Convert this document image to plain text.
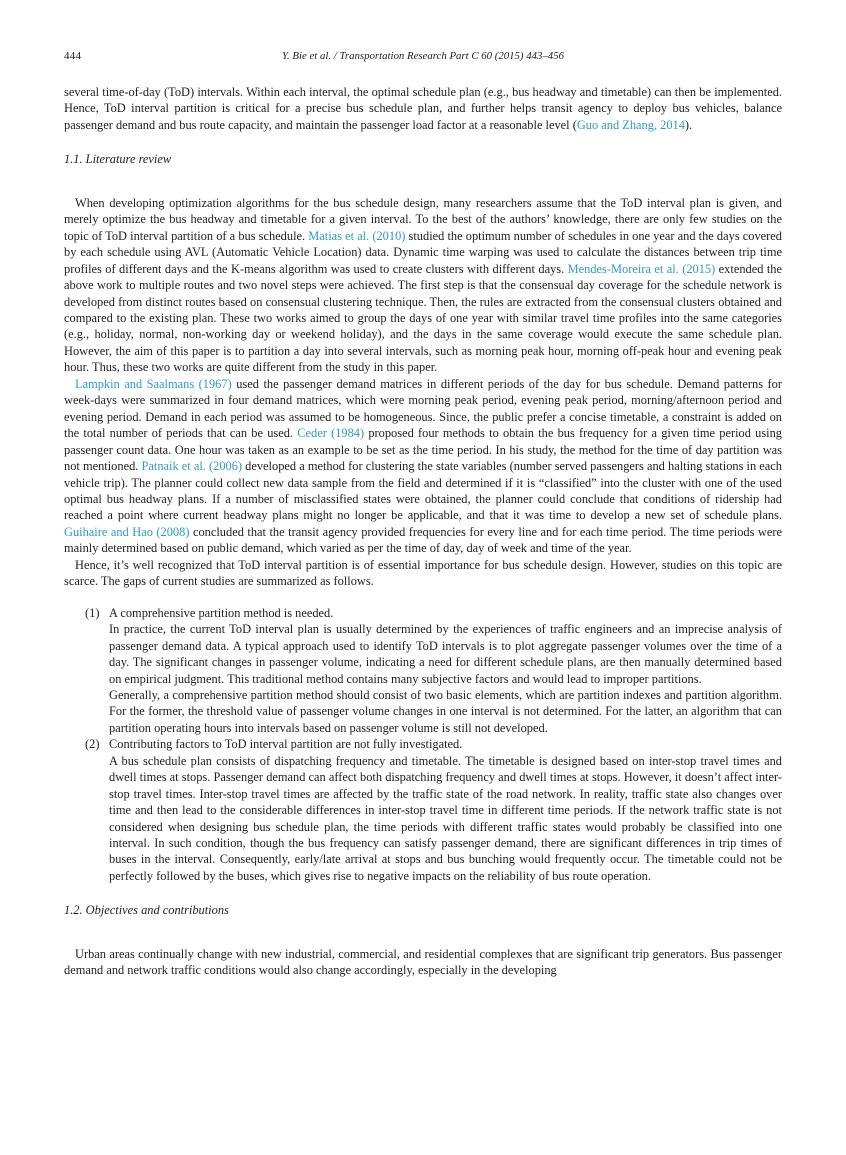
444	Y. Bie et al. / Transportation Research Part C 60 (2015) 443–456

several time-of-day (ToD) intervals. Within each interval, the optimal schedule plan (e.g., bus headway and timetable) can then be implemented. Hence, ToD interval partition is critical for a precise bus schedule plan, and further helps transit agency to deploy bus vehicles, balance passenger demand and bus route capacity, and maintain the passenger load factor at a reasonable level (Guo and Zhang, 2014).

1.1. Literature review

When developing optimization algorithms for the bus schedule design, many researchers assume that the ToD interval plan is given, and merely optimize the bus headway and timetable for a given interval. To the best of the authors’ knowledge, there are only few studies on the topic of ToD interval partition of a bus schedule. Matias et al. (2010) studied the optimum number of schedules in one year and the days covered by each schedule using AVL (Automatic Vehicle Location) data. Dynamic time warping was used to calculate the distances between trip time profiles of different days and the K-means algorithm was used to create clusters with different days. Mendes-Moreira et al. (2015) extended the above work to multiple routes and two novel steps were achieved. The first step is that the consensual day coverage for the schedule network is developed from distinct routes based on consensual clustering technique. Then, the rules are extracted from the consensual clusters obtained and compared to the existing plan. These two works aimed to group the days of one year with similar travel time profiles into the same categories (e.g., holiday, normal, non-working day or weekend holiday), and the days in the same coverage would execute the same schedule plan. However, the aim of this paper is to partition a day into several intervals, such as morning peak hour, morning off-peak hour and evening peak hour. Thus, these two works are quite different from the study in this paper.

Lampkin and Saalmans (1967) used the passenger demand matrices in different periods of the day for bus schedule. Demand patterns for week-days were summarized in four demand matrices, which were morning peak period, evening peak period, morning/afternoon period and evening period. Demand in each period was assumed to be homogeneous. Since, the public prefer a concise timetable, a constraint is added on the total number of periods that can be used. Ceder (1984) proposed four methods to obtain the bus frequency for a given time period using passenger count data. One hour was taken as an example to be set as the time period. In his study, the method for the time of day partition was not mentioned. Patnaik et al. (2006) developed a method for clustering the state variables (number served passengers and halting stations in each vehicle trip). The planner could collect new data sample from the field and determined if it is “classified” into the cluster with one of the used optimal bus headway plans. If a number of misclassified states were obtained, the planner could conclude that conditions of ridership had reached a point where current headway plans might no longer be applicable, and that it was time to develop a new set of schedule plans. Guihaire and Hao (2008) concluded that the transit agency provided frequencies for every line and for each time period. The time periods were mainly determined based on public demand, which varied as per the time of day, day of week and time of the year.

Hence, it’s well recognized that ToD interval partition is of essential importance for bus schedule design. However, studies on this topic are scarce. The gaps of current studies are summarized as follows.

(1) A comprehensive partition method is needed.

In practice, the current ToD interval plan is usually determined by the experiences of traffic engineers and an imprecise analysis of passenger demand data. A typical approach used to identify ToD intervals is to plot aggregate passenger volumes over the time of a day. The significant changes in passenger volume, indicating a need for different schedule plans, are then manually determined based on empirical judgment. This traditional method contains many subjective factors and would lead to improper partitions.

Generally, a comprehensive partition method should consist of two basic elements, which are partition indexes and partition algorithm. For the former, the threshold value of passenger volume changes in one interval is not determined. For the latter, an algorithm that can partition operating hours into intervals based on passenger volume is still not developed.

(2) Contributing factors to ToD interval partition are not fully investigated.

A bus schedule plan consists of dispatching frequency and timetable. The timetable is designed based on inter-stop travel times and dwell times at stops. Passenger demand can affect both dispatching frequency and dwell times at stops. However, it doesn’t affect inter-stop travel times. Inter-stop travel times are affected by the traffic state of the road network. In reality, traffic state also changes over time and then lead to the considerable differences in inter-stop travel time in different time periods. If the network traffic state is not considered when designing bus schedule plan, the time periods with different traffic states would probably be classified into one interval. In such condition, though the bus frequency can satisfy passenger demand, there are significant differences in trip times of buses in the interval. Consequently, early/late arrival at stops and bus bunching would frequently occur. The timetable could not be perfectly followed by the buses, which gives rise to negative impacts on the reliability of bus route operation.

1.2. Objectives and contributions

Urban areas continually change with new industrial, commercial, and residential complexes that are significant trip generators. Bus passenger demand and network traffic conditions would also change accordingly, especially in the developing
